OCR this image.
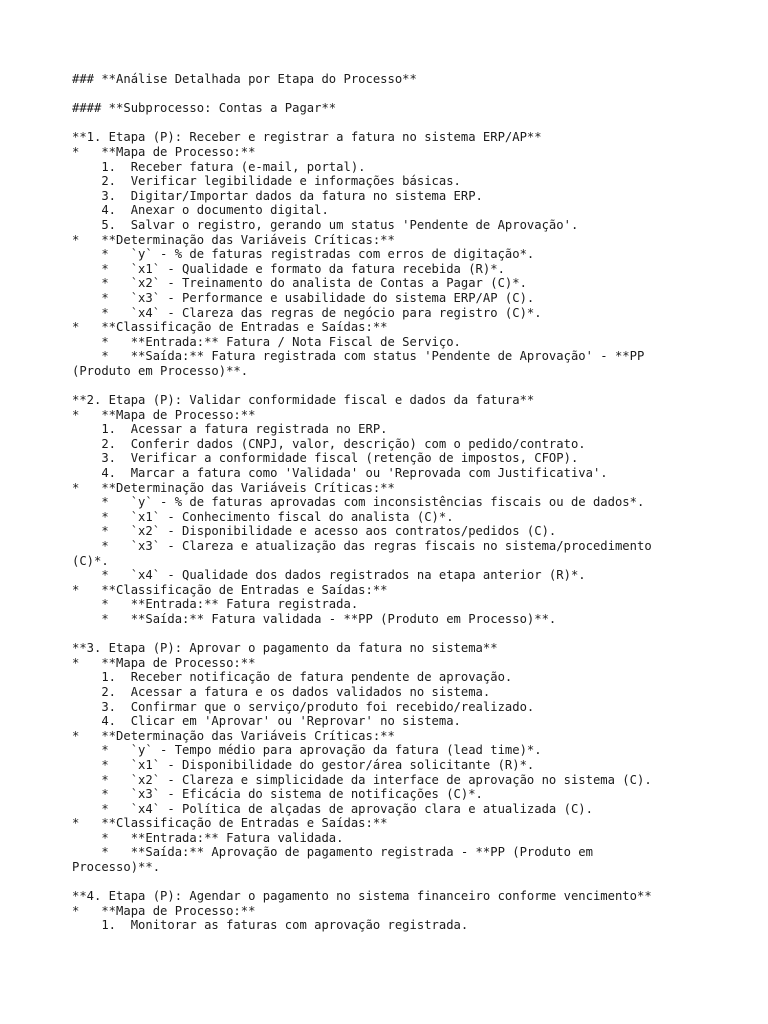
### **Análise Detalhada por Etapa do Processo**

#### **Subprocesso: Contas a Pagar**

**1. Etapa (P): Receber e registrar a fatura no sistema ERP/AP**
*   **Mapa de Processo:**
1.  Receber fatura (e-mail, portal).
2.  Verificar legibilidade e informações básicas.
3.  Digitar/Importar dados da fatura no sistema ERP.
4.  Anexar o documento digital.
5.  Salvar o registro, gerando um status 'Pendente de Aprovação'.
*   **Determinação das Variáveis Críticas:**
*   `y` - % de faturas registradas com erros de digitação*.
*   `x1` - Qualidade e formato da fatura recebida (R)*.
*   `x2` - Treinamento do analista de Contas a Pagar (C)*.
*   `x3` - Performance e usabilidade do sistema ERP/AP (C).
*   `x4` - Clareza das regras de negócio para registro (C)*.
*   **Classificação de Entradas e Saídas:**
*   **Entrada:** Fatura / Nota Fiscal de Serviço.
*   **Saída:** Fatura registrada com status 'Pendente de Aprovação' - **PP
(Produto em Processo)**.

**2. Etapa (P): Validar conformidade fiscal e dados da fatura**
*   **Mapa de Processo:**
1.  Acessar a fatura registrada no ERP.
2.  Conferir dados (CNPJ, valor, descrição) com o pedido/contrato.
3.  Verificar a conformidade fiscal (retenção de impostos, CFOP).
4.  Marcar a fatura como 'Validada' ou 'Reprovada com Justificativa'.
*   **Determinação das Variáveis Críticas:**
*   `y` - % de faturas aprovadas com inconsistências fiscais ou de dados*.
*   `x1` - Conhecimento fiscal do analista (C)*.
*   `x2` - Disponibilidade e acesso aos contratos/pedidos (C).
*   `x3` - Clareza e atualização das regras fiscais no sistema/procedimento
(C)*.
*   `x4` - Qualidade dos dados registrados na etapa anterior (R)*.
*   **Classificação de Entradas e Saídas:**
*   **Entrada:** Fatura registrada.
*   **Saída:** Fatura validada - **PP (Produto em Processo)**.

**3. Etapa (P): Aprovar o pagamento da fatura no sistema**
*   **Mapa de Processo:**
1.  Receber notificação de fatura pendente de aprovação.
2.  Acessar a fatura e os dados validados no sistema.
3.  Confirmar que o serviço/produto foi recebido/realizado.
4.  Clicar em 'Aprovar' ou 'Reprovar' no sistema.
*   **Determinação das Variáveis Críticas:**
*   `y` - Tempo médio para aprovação da fatura (lead time)*.
*   `x1` - Disponibilidade do gestor/área solicitante (R)*.
*   `x2` - Clareza e simplicidade da interface de aprovação no sistema (C).
*   `x3` - Eficácia do sistema de notificações (C)*.
*   `x4` - Política de alçadas de aprovação clara e atualizada (C).
*   **Classificação de Entradas e Saídas:**
*   **Entrada:** Fatura validada.
*   **Saída:** Aprovação de pagamento registrada - **PP (Produto em
Processo)**.

**4. Etapa (P): Agendar o pagamento no sistema financeiro conforme vencimento**
*   **Mapa de Processo:**
1.  Monitorar as faturas com aprovação registrada.
